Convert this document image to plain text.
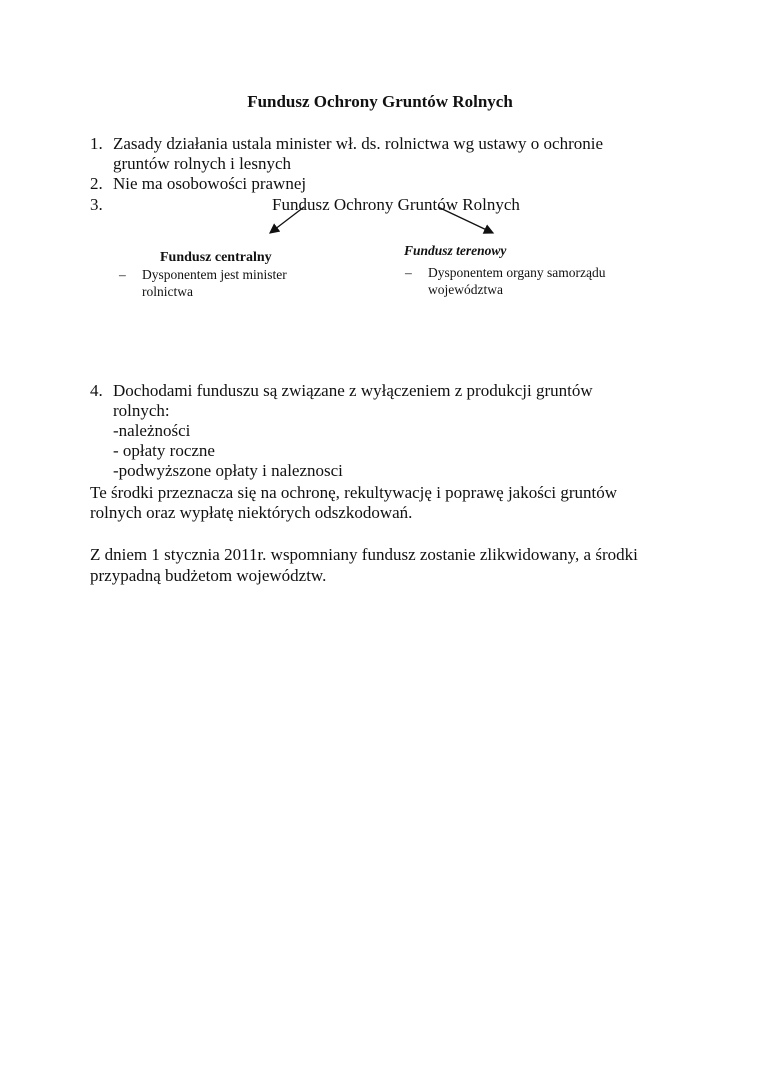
Fundusz Ochrony Gruntów Rolnych
1. Zasady działania ustala minister wł. ds. rolnictwa wg ustawy o ochronie
gruntów rolnych i lesnych
2. Nie ma osobowości prawnej
3.	Fundusz Ochrony Gruntów Rolnych
Fundusz centralny
– Dysponentem jest minister
rolnictwa
Fundusz terenowy
– Dysponentem organy samorządu
województwa
4. Dochodami funduszu są związane z wyłączeniem z produkcji gruntów
rolnych:
-należności
- opłaty roczne
-podwyższone opłaty i naleznosci
Te środki przeznacza się na ochronę, rekultywację i poprawę jakości gruntów
rolnych oraz wypłatę niektórych odszkodowań.
Z dniem 1 stycznia 2011r. wspomniany fundusz zostanie zlikwidowany, a środki
przypadną budżetom województw.
